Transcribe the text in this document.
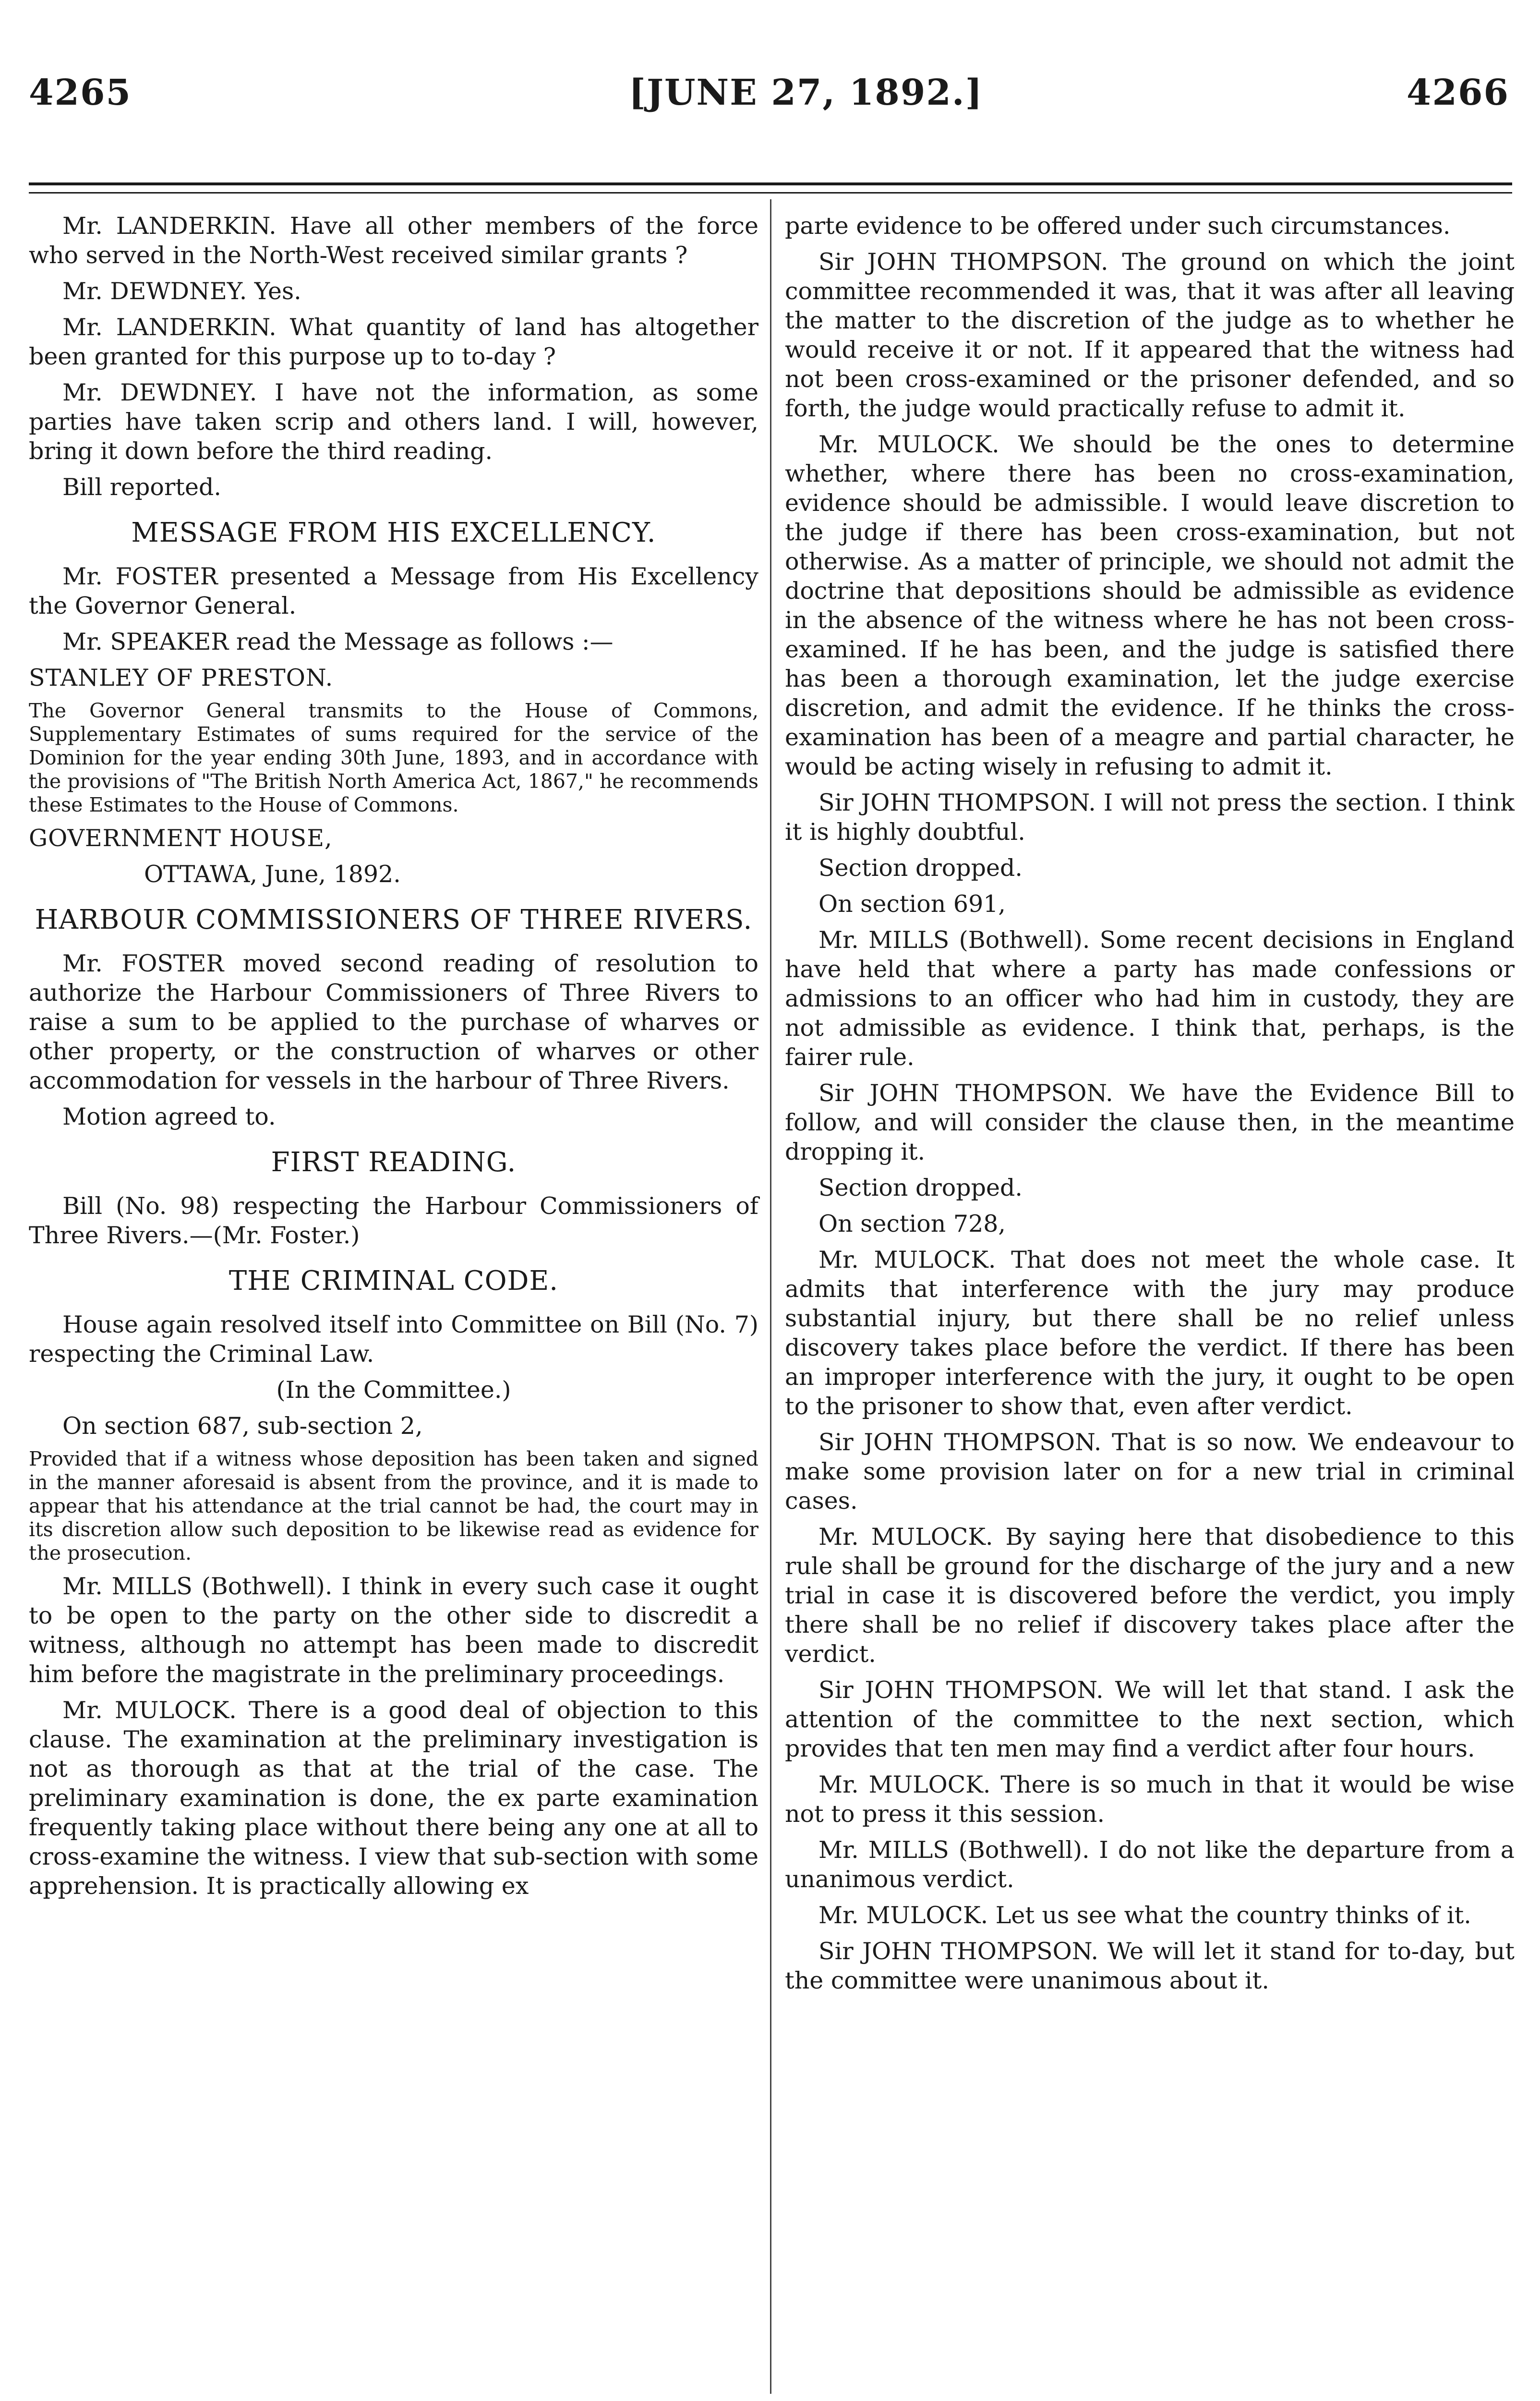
4265	[JUNE 27, 1892.]	4266

Mr. LANDERKIN. Have all other members of the force who served in the North-West received similar grants ?

Mr. DEWDNEY. Yes.

Mr. LANDERKIN. What quantity of land has altogether been granted for this purpose up to to-day ?

Mr. DEWDNEY. I have not the information, as some parties have taken scrip and others land. I will, however, bring it down before the third reading.

Bill reported.

MESSAGE FROM HIS EXCELLENCY.

Mr. FOSTER presented a Message from His Excellency the Governor General.

Mr. SPEAKER read the Message as follows :—

STANLEY OF PRESTON.

The Governor General transmits to the House of Commons, Supplementary Estimates of sums required for the service of the Dominion for the year ending 30th June, 1893, and in accordance with the provisions of "The British North America Act, 1867," he recommends these Estimates to the House of Commons.

GOVERNMENT HOUSE,

OTTAWA, June, 1892.

HARBOUR COMMISSIONERS OF THREE RIVERS.

Mr. FOSTER moved second reading of resolution to authorize the Harbour Commissioners of Three Rivers to raise a sum to be applied to the purchase of wharves or other property, or the construction of wharves or other accommodation for vessels in the harbour of Three Rivers.

Motion agreed to.

FIRST READING.

Bill (No. 98) respecting the Harbour Commissioners of Three Rivers.—(Mr. Foster.)

THE CRIMINAL CODE.

House again resolved itself into Committee on Bill (No. 7) respecting the Criminal Law.

(In the Committee.)

On section 687, sub-section 2,

Provided that if a witness whose deposition has been taken and signed in the manner aforesaid is absent from the province, and it is made to appear that his attendance at the trial cannot be had, the court may in its discretion allow such deposition to be likewise read as evidence for the prosecution.

Mr. MILLS (Bothwell). I think in every such case it ought to be open to the party on the other side to discredit a witness, although no attempt has been made to discredit him before the magistrate in the preliminary proceedings.

Mr. MULOCK. There is a good deal of objection to this clause. The examination at the preliminary investigation is not as thorough as that at the trial of the case. The preliminary examination is done, the ex parte examination frequently taking place without there being any one at all to cross-examine the witness. I view that sub-section with some apprehension. It is practically allowing ex

parte evidence to be offered under such circumstances.

Sir JOHN THOMPSON. The ground on which the joint committee recommended it was, that it was after all leaving the matter to the discretion of the judge as to whether he would receive it or not. If it appeared that the witness had not been cross-examined or the prisoner defended, and so forth, the judge would practically refuse to admit it.

Mr. MULOCK. We should be the ones to determine whether, where there has been no cross-examination, evidence should be admissible. I would leave discretion to the judge if there has been cross-examination, but not otherwise. As a matter of principle, we should not admit the doctrine that depositions should be admissible as evidence in the absence of the witness where he has not been cross-examined. If he has been, and the judge is satisfied there has been a thorough examination, let the judge exercise discretion, and admit the evidence. If he thinks the cross-examination has been of a meagre and partial character, he would be acting wisely in refusing to admit it.

Sir JOHN THOMPSON. I will not press the section. I think it is highly doubtful.

Section dropped.

On section 691,

Mr. MILLS (Bothwell). Some recent decisions in England have held that where a party has made confessions or admissions to an officer who had him in custody, they are not admissible as evidence. I think that, perhaps, is the fairer rule.

Sir JOHN THOMPSON. We have the Evidence Bill to follow, and will consider the clause then, in the meantime dropping it.

Section dropped.

On section 728,

Mr. MULOCK. That does not meet the whole case. It admits that interference with the jury may produce substantial injury, but there shall be no relief unless discovery takes place before the verdict. If there has been an improper interference with the jury, it ought to be open to the prisoner to show that, even after verdict.

Sir JOHN THOMPSON. That is so now. We endeavour to make some provision later on for a new trial in criminal cases.

Mr. MULOCK. By saying here that disobedience to this rule shall be ground for the discharge of the jury and a new trial in case it is discovered before the verdict, you imply there shall be no relief if discovery takes place after the verdict.

Sir JOHN THOMPSON. We will let that stand. I ask the attention of the committee to the next section, which provides that ten men may find a verdict after four hours.

Mr. MULOCK. There is so much in that it would be wise not to press it this session.

Mr. MILLS (Bothwell). I do not like the departure from a unanimous verdict.

Mr. MULOCK. Let us see what the country thinks of it.

Sir JOHN THOMPSON. We will let it stand for to-day, but the committee were unanimous about it.
